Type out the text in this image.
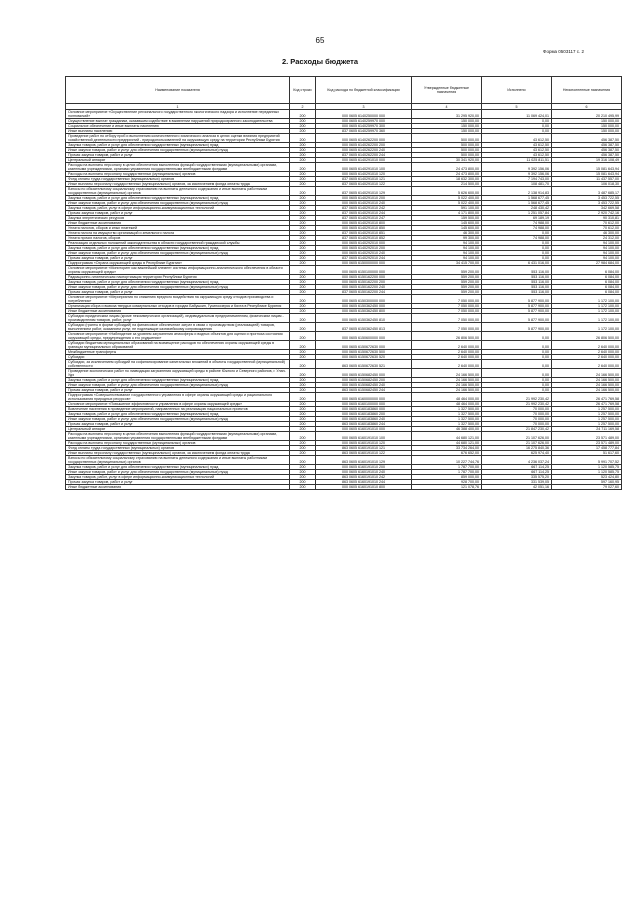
65
Форма 0503117 с. 2
2. Расходы бюджета
Наименование показателя	Код строки	Код расхода по бюджетной классификации	Утвержденные бюджетные назначения	Исполнено	Неисполненные назначения
1	2	3	4	5	6
Основное мероприятие «Осуществление регионального государственного экологического надзора и исполнение переданных полномочий»	200	000 0605 6140250000 000	31 295 920,00	11 069 424,01	20 210 495,99
Осуществление выплат гражданам, оказавшим содействие в выявлении нарушений природоохранного законодательства	200	000 0605 6140259970 000	150 000,00	0,00	150 000,00
Социальное обеспечение и иные выплаты населению	200	000 0605 6140259970 300	150 000,00	0,00	150 000,00
Иные выплаты населению	200	837 0605 6140259970 360	150 000,00	0,00	150 000,00
Проведение работ по отбору проб и выполнению количественного химического анализа в целях оценки влияния предприятий хозяйственной деятельности предприятий - природопользователей на окружающую среду на территории Республики Бурятия	200	000 0605 6140262200 000	500 000,00	43 612,50	456 387,50
Закупка товаров, работ и услуг для обеспечения государственных (муниципальных) нужд	200	000 0605 6140262200 200	500 000,00	43 612,50	456 387,50
Иные закупки товаров, работ и услуг для обеспечения государственных (муниципальных) нужд	200	000 0605 6140262200 240	500 000,00	43 612,50	456 387,50
Прочая закупка товаров, работ и услуг	200	837 0605 6140262200 244	500 000,00	43 612,50	456 387,50
Центральный аппарат	200	000 0605 6140291010 000	30 341 920,00	11 025 811,51	19 316 108,49
Расходы на выплаты персоналу в целях обеспечения выполнения функций государственными (муниципальными) органами, казенными учреждениями, органами управления государственными внебюджетными фондами	200	000 0605 6140291010 100	24 473 800,00	9 392 156,06	15 081 643,94
Расходы на выплаты персоналу государственных (муниципальных) органов	200	000 0605 6140291010 120	24 473 800,00	9 392 156,06	15 081 643,94
Фонд оплаты труда государственных (муниципальных) органов	200	837 0605 6140291010 121	18 632 300,00	7 194 743,00	11 437 557,00
Иные выплаты персоналу государственных (муниципальных) органов, за исключением фонда оплаты труда	200	837 0605 6140291010 122	214 500,00	108 481,70	106 018,30
Взносы по обязательному социальному страхованию на выплаты денежного содержания и иные выплаты работникам государственных (муниципальных) органов	200	837 0605 6140291010 129	5 626 600,00	2 138 914,83	3 487 685,17
Закупка товаров, работ и услуг для обеспечения государственных (муниципальных) нужд	200	000 0605 6140291010 200	5 022 400,00	1 568 677,45	3 453 722,55
Иные закупки товаров, работ и услуг для обеспечения государственных (муниципальных) нужд	200	000 0605 6140291010 240	5 022 400,00	1 568 677,45	3 453 722,55
Закупка товаров, работ, услуг в сфере информационно-коммуникационных технологий	200	837 0605 6140291010 242	591 100,00	248 430,42	342 669,58
Прочая закупка товаров, работ и услуг	200	837 0605 6140291010 244	4 171 800,00	1 251 057,84	2 920 742,16
Закупка энергетических ресурсов	200	837 0605 6140291010 247	159 500,00	69 189,19	90 310,81
Иные бюджетные ассигнования	200	000 0605 6140291010 800	145 600,00	74 988,00	70 612,00
Уплата налогов, сборов и иных платежей	200	000 0605 6140291010 850	145 600,00	74 988,00	70 612,00
Уплата налога на имущество организаций и земельного налога	200	837 0605 6140291010 851	46 300,00	0,00	46 300,00
Уплата прочих налогов, сборов	200	837 0605 6140291010 852	99 300,00	74 988,00	24 312,00
Реализация отдельных положений законодательства в области государственной гражданской службы	200	000 0605 6140292010 000	94 100,00	0,00	94 100,00
Закупка товаров, работ и услуг для обеспечения государственных (муниципальных) нужд	200	000 0605 6140292010 200	94 100,00	0,00	94 100,00
Иные закупки товаров, работ и услуг для обеспечения государственных (муниципальных) нужд	200	000 0605 6140292010 240	94 100,00	0,00	94 100,00
Прочая закупка товаров, работ и услуг	200	837 0605 6140292010 244	94 100,00	0,00	94 100,00
Подпрограмма «Охрана окружающей среды в Республике Бурятия»	200	000 0605 6150000000 000	34 415 700,00	6 431 016,00	27 984 684,00
Основное мероприятие «Мониторинг как важнейший элемент системы информационно-аналитического обеспечения в области охраны окружающей среды»	200	000 0605 6150100000 000	559 200,00	553 116,00	6 084,00
Радиационно-гигиеническая паспортизация территории Республики Бурятия	200	000 0605 6150162200 000	559 200,00	553 116,00	6 084,00
Закупка товаров, работ и услуг для обеспечения государственных (муниципальных) нужд	200	000 0605 6150162200 200	559 200,00	553 116,00	6 084,00
Иные закупки товаров, работ и услуг для обеспечения государственных (муниципальных) нужд	200	000 0605 6150162200 240	559 200,00	553 116,00	6 084,00
Прочая закупка товаров, работ и услуг	200	837 0605 6150162200 244	559 200,00	553 116,00	6 084,00
Основное мероприятие «Мероприятия по снижению вредного воздействия на окружающую среду отходов производства и потребления»	200	000 0605 6150300000 000	7 050 000,00	5 877 900,00	1 172 100,00
Организация сбора и вывоза твердых коммунальных отходов в городах Бабушкин, Гусиноозерск и Кяхта в Республике Бурятия	200	000 0605 6150362450 000	7 050 000,00	5 877 900,00	1 172 100,00
Иные бюджетные ассигнования	200	000 0605 6150362450 800	7 050 000,00	5 877 900,00	1 172 100,00
Субсидии юридическим лицам (кроме некоммерческих организаций), индивидуальным предпринимателям, физическим лицам - производителям товаров, работ, услуг	200	000 0605 6150362450 810	7 050 000,00	5 877 900,00	1 172 100,00
Субсидии (гранты в форме субсидий) на финансовое обеспечение затрат в связи с производством (реализацией) товаров, выполнением работ, оказанием услуг, не подлежащие казначейскому сопровождению	200	837 0605 6150362450 813	7 050 000,00	5 877 900,00	1 172 100,00
Основное мероприятие «Наблюдение за уровнем загрязнения атмосферы и водных объектов для оценки и прогноза состояния окружающей среды, предупреждения о его ухудшении»	200	000 0605 6150600000 000	26 806 500,00	0,00	26 806 500,00
Субсидии бюджетам муниципальных образований на возмещение расходов по обеспечению охраны окружающей среды в границах муниципальных образований	200	000 0605 6150672630 000	2 640 000,00	0,00	2 640 000,00
Межбюджетные трансферты	200	000 0605 6150672630 500	2 640 000,00	0,00	2 640 000,00
Субсидии	200	000 0605 6150672630 520	2 640 000,00	0,00	2 640 000,00
Субсидии, за исключением субсидий на софинансирование капитальных вложений в объекты государственной (муниципальной) собственности	200	863 0605 6150672630 521	2 640 000,00	0,00	2 640 000,00
Проведение экологических работ по ликвидации загрязнения окружающей среды в районе Южного и Северного районов, г. Улан-Удэ	200	000 0605 6150682450 000	24 166 500,00	0,00	24 166 500,00
Закупка товаров, работ и услуг для обеспечения государственных (муниципальных) нужд	200	000 0605 6150682450 200	24 166 500,00	0,00	24 166 500,00
Иные закупки товаров, работ и услуг для обеспечения государственных (муниципальных) нужд	200	000 0605 6150682450 240	24 166 500,00	0,00	24 166 500,00
Прочая закупка товаров, работ и услуг	200	863 0605 6150682450 244	24 166 500,00	0,00	24 166 500,00
Подпрограмма «Совершенствование государственного управления в сфере охраны окружающей среды и рационального использования природных ресурсов»	200	000 0605 6160000000 000	48 464 000,00	21 992 230,42	26 471 769,58
Основное мероприятие «Повышение эффективности управления в сфере охраны окружающей среды»	200	000 0605 6160100000 000	48 464 000,00	21 992 230,42	26 471 769,58
Вовлечение населения в проведение мероприятий, направленных на реализацию национальных проектов	200	000 0605 6160183860 000	1 327 500,00	70 000,00	1 257 500,00
Закупка товаров, работ и услуг для обеспечения государственных (муниципальных) нужд	200	000 0605 6160183860 200	1 327 500,00	70 000,00	1 257 500,00
Иные закупки товаров, работ и услуг для обеспечения государственных (муниципальных) нужд	200	000 0605 6160183860 240	1 327 500,00	70 000,00	1 257 500,00
Прочая закупка товаров, работ и услуг	200	863 0605 6160183860 244	1 327 500,00	70 000,00	1 257 500,00
Центральный аппарат	200	000 0605 6160191010 000	46 388 400,00	21 847 230,42	24 711 169,58
Расходы на выплаты персоналу в целях обеспечения выполнения функций государственными (муниципальными) органами, казенными учреждениями, органами управления государственными внебюджетными фондами	200	000 0605 6160191010 100	44 680 121,00	21 107 626,00	23 571 489,00
Расходы на выплаты персоналу государственных (муниципальных) органов	200	000 0605 6160191010 120	44 680 121,00	21 107 626,00	23 571 489,00
Фонд оплаты труда государственных (муниципальных) органов	200	863 0605 6160191010 121	33 734 264,00	16 275 840,36	17 458 777,84
Иные выплаты персоналу государственных (муниципальных) органов, за исключением фонда оплаты труда	200	863 0605 6160191010 122	676 652,00	625 974,40	51 617,60
Взносы по обязательному социальному страхованию на выплаты денежного содержания и иные выплаты работникам государственных (муниципальных) органов	200	863 0605 6160191010 129	10 227 744,76	4 236 037,24	5 991 707,52
Закупка товаров, работ и услуг для обеспечения государственных (муниципальных) нужд	200	000 0605 6160191010 200	1 787 700,00	667 114,25	1 120 585,75
Иные закупки товаров, работ и услуг для обеспечения государственных (муниципальных) нужд	200	000 0605 6160191010 240	1 787 700,00	667 114,25	1 120 585,75
Закупка товаров, работ, услуг в сфере информационно-коммуникационных технологий	200	863 0605 6160191010 242	859 000,00	335 575,20	523 424,80
Прочая закупка товаров, работ и услуг	200	863 0605 6160191010 244	928 700,00	331 539,05	597 160,95
Иные бюджетные ассигнования	200	000 0605 6160191010 800	121 078,76	42 051,16	79 027,60
